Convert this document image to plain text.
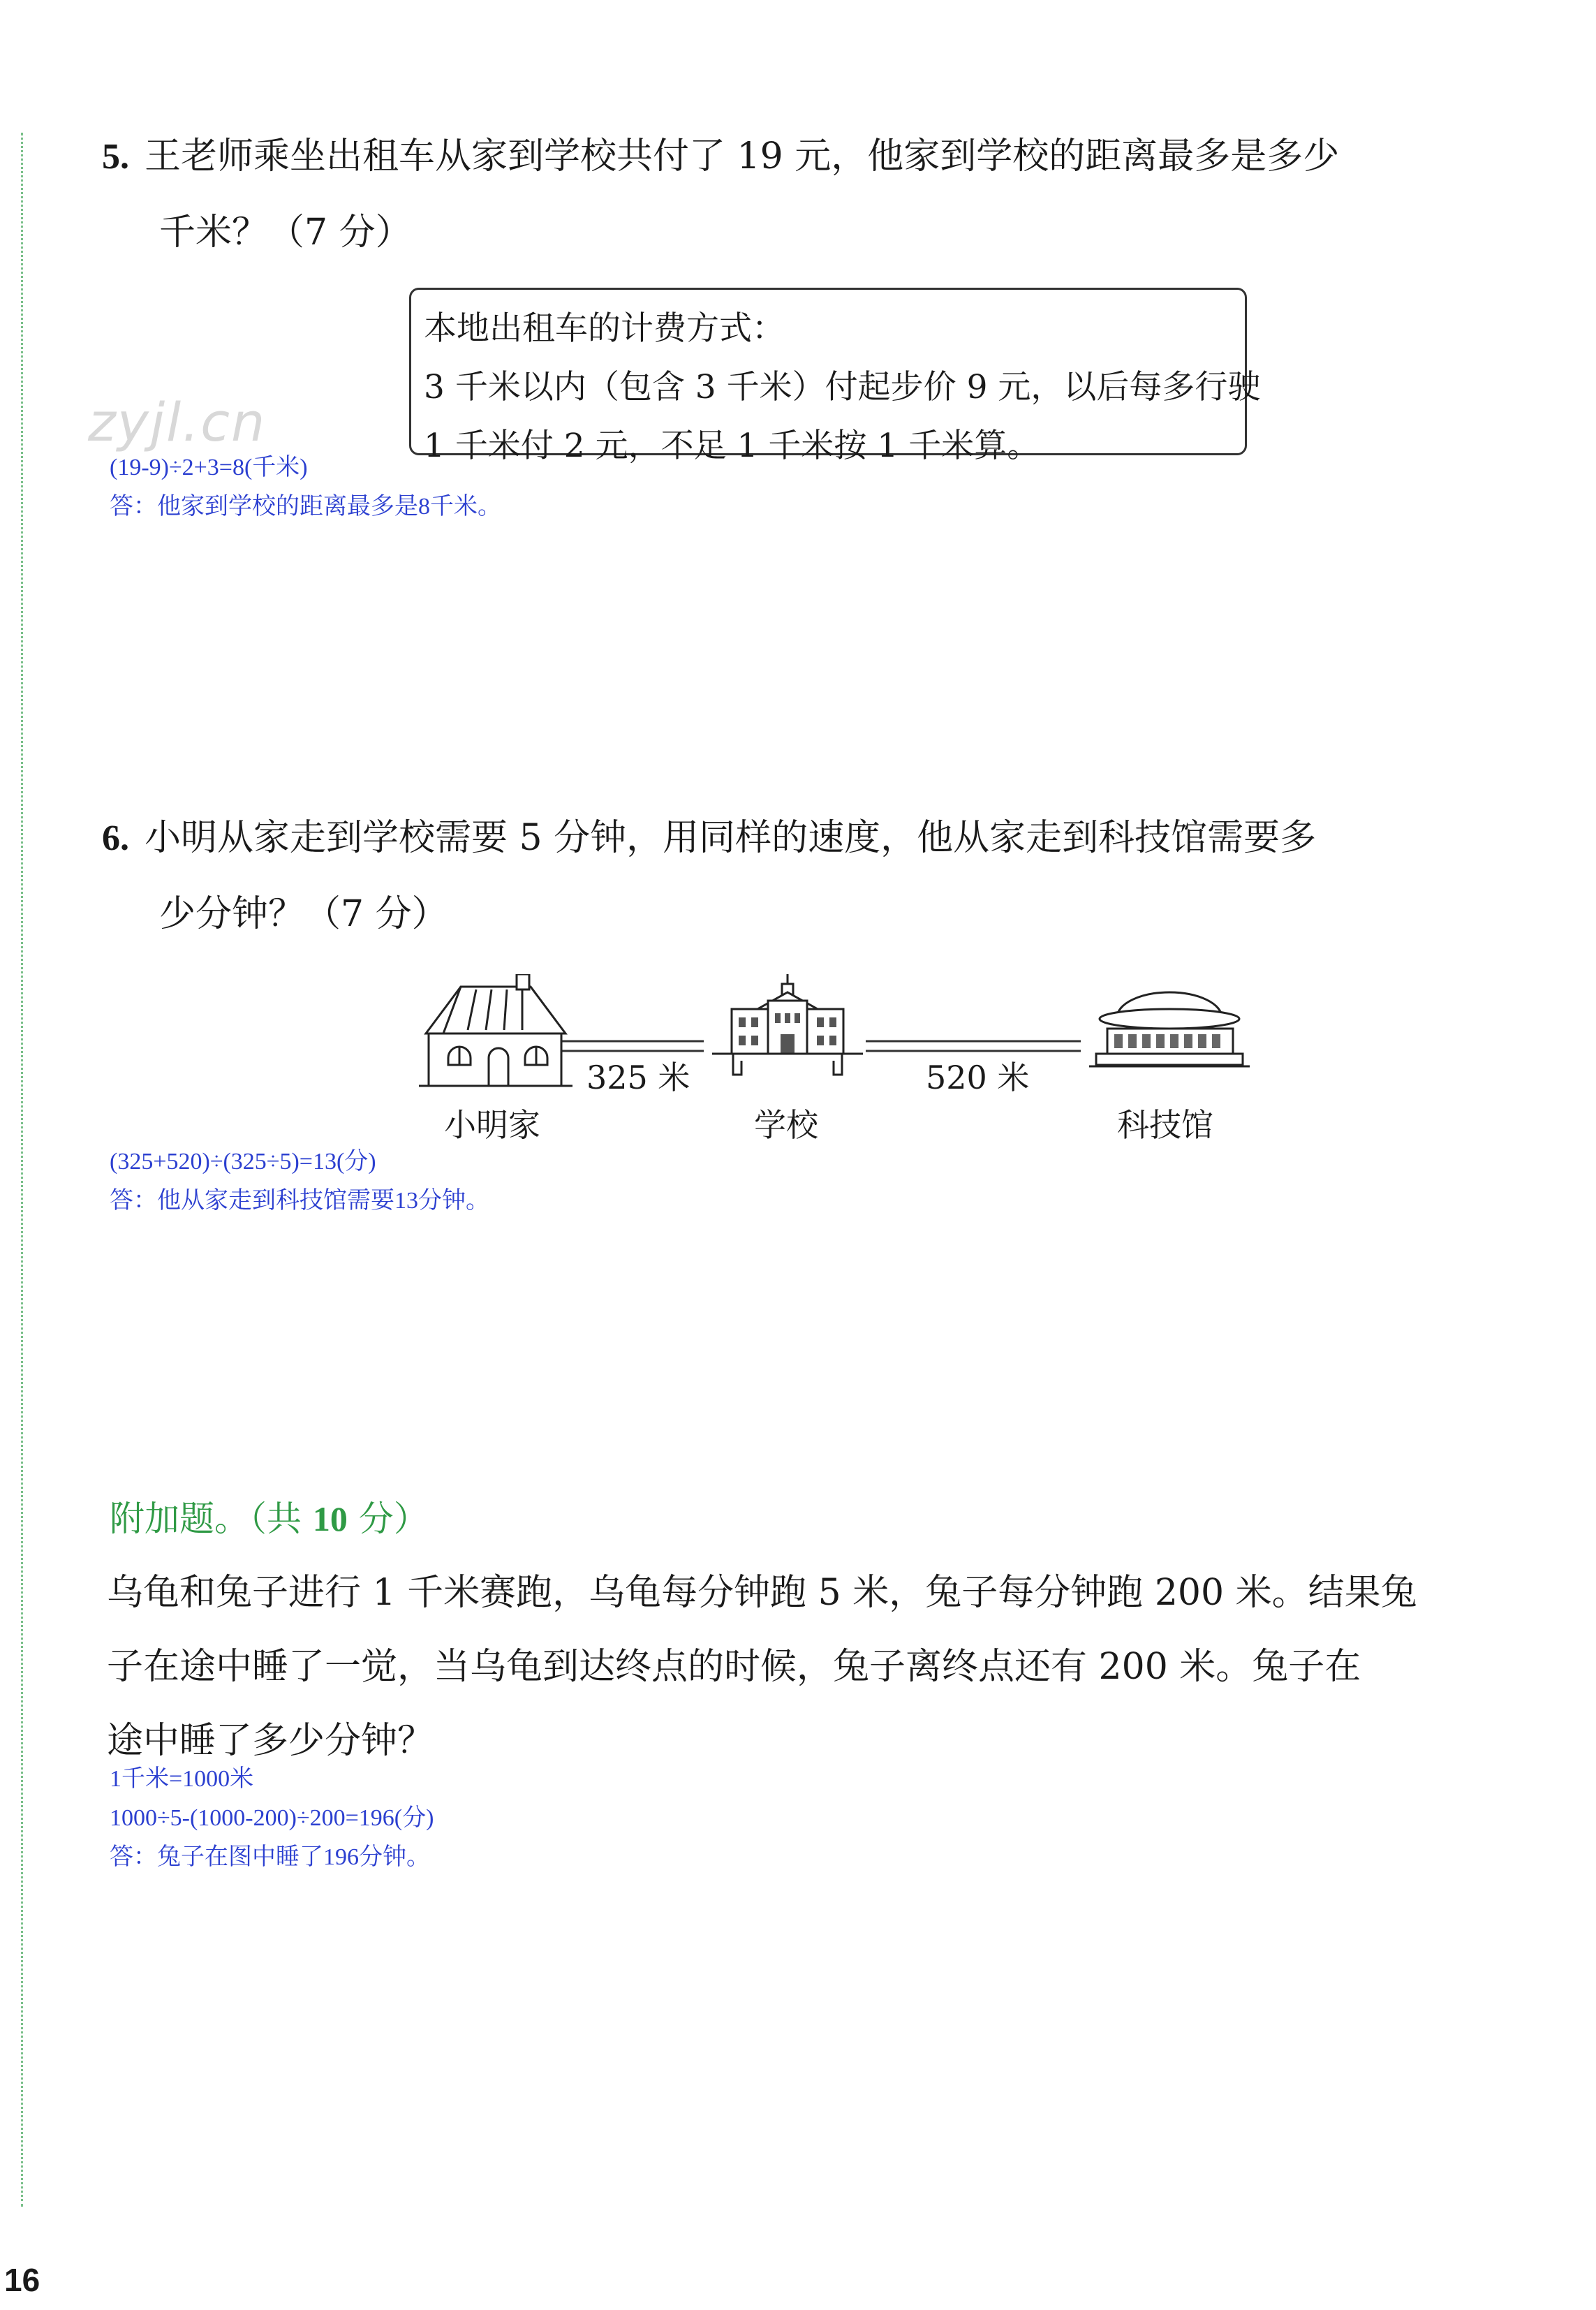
5. 王老师乘坐出租车从家到学校共付了 19 元，他家到学校的距离最多是多少
千米？（7 分）
本地出租车的计费方式：
3 千米以内（包含 3 千米）付起步价 9 元，以后每多行驶
1 千米付 2 元，不足 1 千米按 1 千米算。
zyjl.cn
(19-9)÷2+3=8(千米)
答：他家到学校的距离最多是8千米。
6. 小明从家走到学校需要 5 分钟，用同样的速度，他从家走到科技馆需要多
少分钟？（7 分）
325 米	520 米
小明家	学校	科技馆
(325+520)÷(325÷5)=13(分)
答：他从家走到科技馆需要13分钟。
附加题。（共 10 分）
乌龟和兔子进行 1 千米赛跑，乌龟每分钟跑 5 米，兔子每分钟跑 200 米。结果兔
子在途中睡了一觉，当乌龟到达终点的时候，兔子离终点还有 200 米。兔子在
途中睡了多少分钟？
1千米=1000米
1000÷5-(1000-200)÷200=196(分)
答：兔子在图中睡了196分钟。
16
